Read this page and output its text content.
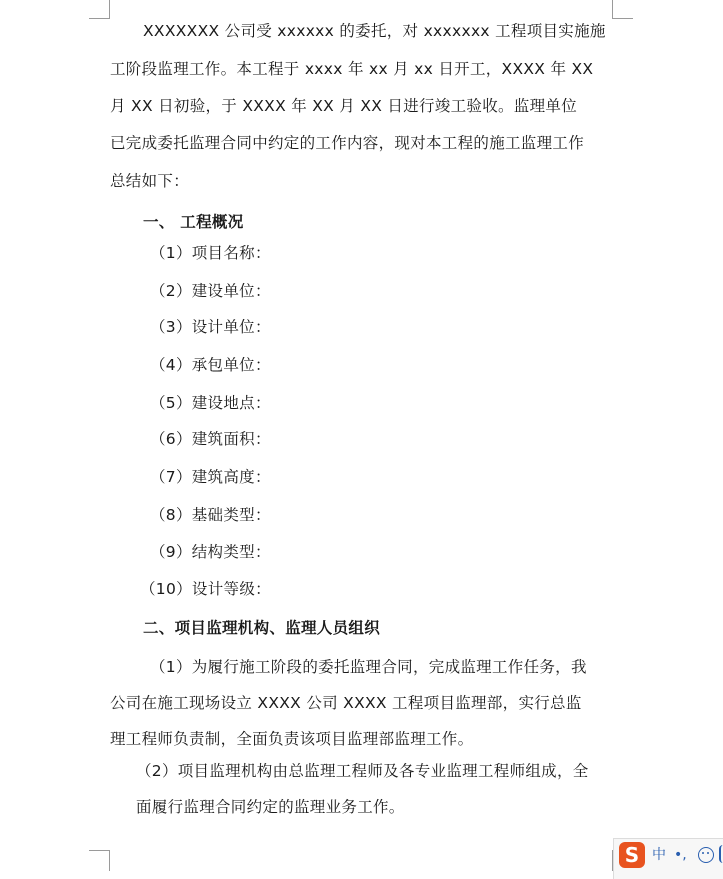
XXXXXXX 公司受 xxxxxx 的委托，对 xxxxxxx 工程项目实施施

工阶段监理工作。本工程于 xxxx 年 xx 月 xx 日开工，XXXX 年 XX

月 XX 日初验，于 XXXX 年 XX 月 XX 日进行竣工验收。监理单位

已完成委托监理合同中约定的工作内容，现对本工程的施工监理工作

总结如下：

一、 工程概况

（1）项目名称：

（2）建设单位：

（3）设计单位：

（4）承包单位：

（5）建设地点：

（6）建筑面积：

（7）建筑高度：

（8）基础类型：

（9）结构类型：

（10）设计等级：

二、项目监理机构、监理人员组织

（1）为履行施工阶段的委托监理合同，完成监理工作任务，我

公司在施工现场设立 XXXX 公司 XXXX 工程项目监理部，实行总监

理工程师负责制，全面负责该项目监理部监理工作。

（2）项目监理机构由总监理工程师及各专业监理工程师组成，全

面履行监理合同约定的监理业务工作。

S 中 •,
